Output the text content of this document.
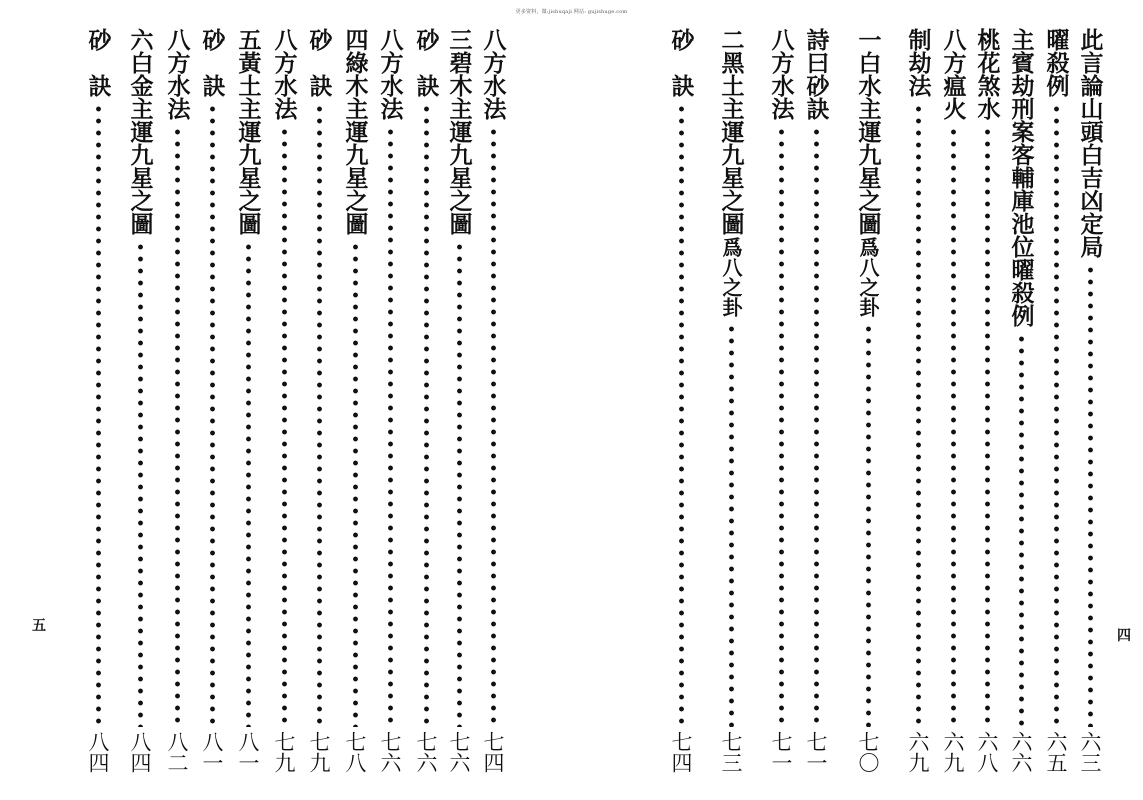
更多资料，微:jishuqaji 网站: gujishuge.com
八方水法
七四
三碧木主運九星之圖
七六
砂　訣
七六
八方水法
七六
四綠木主運九星之圖
七八
砂　訣
七九
八方水法
七九
五黃土主運九星之圖
八一
砂　訣
八一
八方水法
八二
六白金主運九星之圖
八四
砂　訣
八四
五
此言論山頭白吉凶定局
六三
曜殺例
六五
主賓劫刑案客輔庫池位曜殺例
六六
桃花煞水
六八
八方瘟火
六九
制劫法
六九
一白水主運九星之圖
爲八之卦
七〇
詩曰砂訣
七一
八方水法
七一
二黑土主運九星之圖
爲八之卦
七三
砂　訣
七四
四
